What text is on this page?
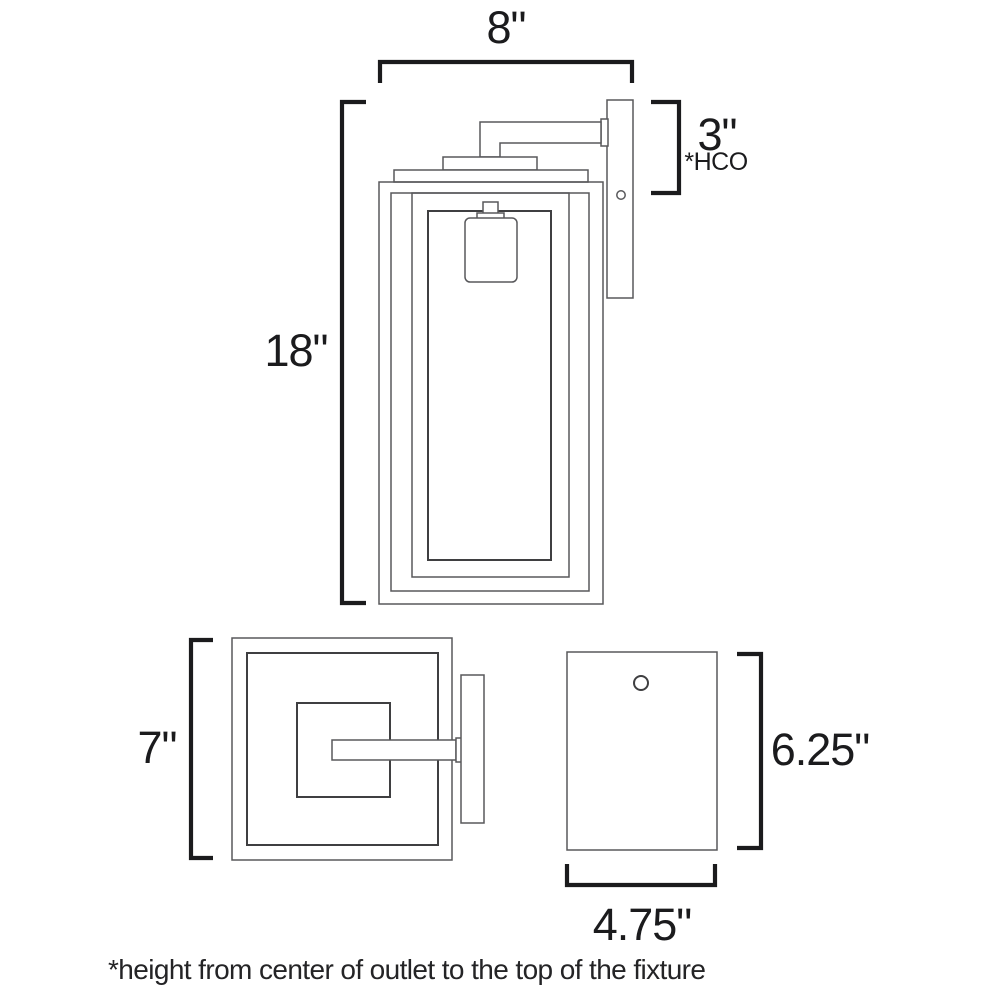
8"
18"
3"
*HCO
7"	6.25"
4.75"
*height from center of outlet to the top of the fixture
